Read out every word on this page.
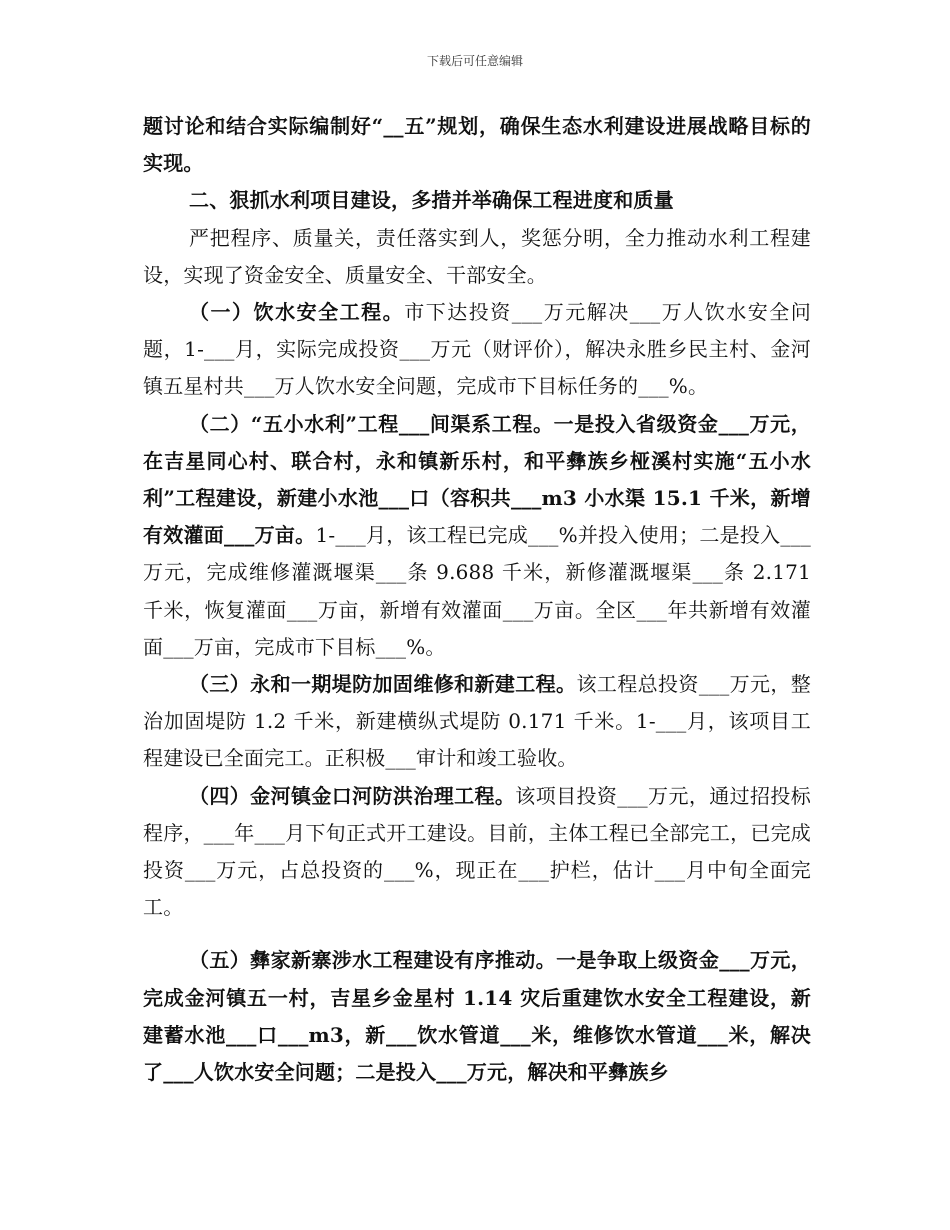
下载后可任意编辑

题讨论和结合实际编制好“__五”规划，确保生态水利建设进展战略目标的实现。

二、狠抓水利项目建设，多措并举确保工程进度和质量

严把程序、质量关，责任落实到人，奖惩分明，全力推动水利工程建设，实现了资金安全、质量安全、干部安全。

（一）饮水安全工程。市下达投资___万元解决___万人饮水安全问题，1-___月，实际完成投资___万元（财评价），解决永胜乡民主村、金河镇五星村共___万人饮水安全问题，完成市下目标任务的___%。

（二）“五小水利”工程___间渠系工程。一是投入省级资金___万元，在吉星同心村、联合村，永和镇新乐村，和平彝族乡桠溪村实施“五小水利”工程建设，新建小水池___口（容积共___m3 小水渠 15.1 千米，新增有效灌面___万亩。1-___月，该工程已完成___%并投入使用；二是投入___万元，完成维修灌溉堰渠___条 9.688 千米，新修灌溉堰渠___条 2.171 千米，恢复灌面___万亩，新增有效灌面___万亩。全区___年共新增有效灌面___万亩，完成市下目标___%。

（三）永和一期堤防加固维修和新建工程。该工程总投资___万元，整治加固堤防 1.2 千米，新建横纵式堤防 0.171 千米。1-___月，该项目工程建设已全面完工。正积极___审计和竣工验收。

（四）金河镇金口河防洪治理工程。该项目投资___万元，通过招投标程序，___年___月下旬正式开工建设。目前，主体工程已全部完工，已完成投资___万元，占总投资的___%，现正在___护栏，估计___月中旬全面完工。

（五）彝家新寨涉水工程建设有序推动。一是争取上级资金___万元，完成金河镇五一村，吉星乡金星村 1.14 灾后重建饮水安全工程建设，新建蓄水池___口___m3，新___饮水管道___米，维修饮水管道___米，解决了___人饮水安全问题；二是投入___万元，解决和平彝族乡
